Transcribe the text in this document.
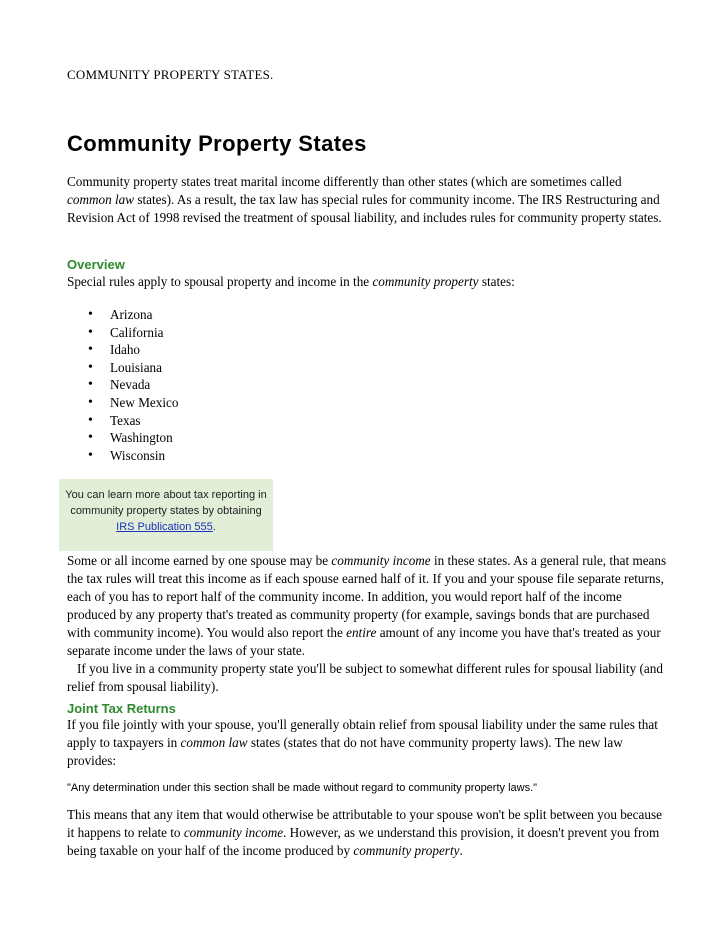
COMMUNITY PROPERTY STATES.
Community Property States

Community property states treat marital income differently than other states (which are sometimes called common law states). As a result, the tax law has special rules for community income. The IRS Restructuring and Revision Act of 1998 revised the treatment of spousal liability, and includes rules for community property states.

Overview

Special rules apply to spousal property and income in the community property states:

• Arizona
• California
• Idaho
• Louisiana
• Nevada
• New Mexico
• Texas
• Washington
• Wisconsin
You can learn more about tax reporting in community property states by obtaining IRS Publication 555.

Some or all income earned by one spouse may be community income in these states. As a general rule, that means the tax rules will treat this income as if each spouse earned half of it. If you and your spouse file separate returns, each of you has to report half of the community income. In addition, you would report half of the income produced by any property that's treated as community property (for example, savings bonds that are purchased with community income). You would also report the entire amount of any income you have that's treated as your separate income under the laws of your state.
If you live in a community property state you'll be subject to somewhat different rules for spousal liability (and relief from spousal liability).

Joint Tax Returns

If you file jointly with your spouse, you'll generally obtain relief from spousal liability under the same rules that apply to taxpayers in common law states (states that do not have community property laws). The new law provides:

"Any determination under this section shall be made without regard to community property laws."

This means that any item that would otherwise be attributable to your spouse won't be split between you because it happens to relate to community income. However, as we understand this provision, it doesn't prevent you from being taxable on your half of the income produced by community property.
